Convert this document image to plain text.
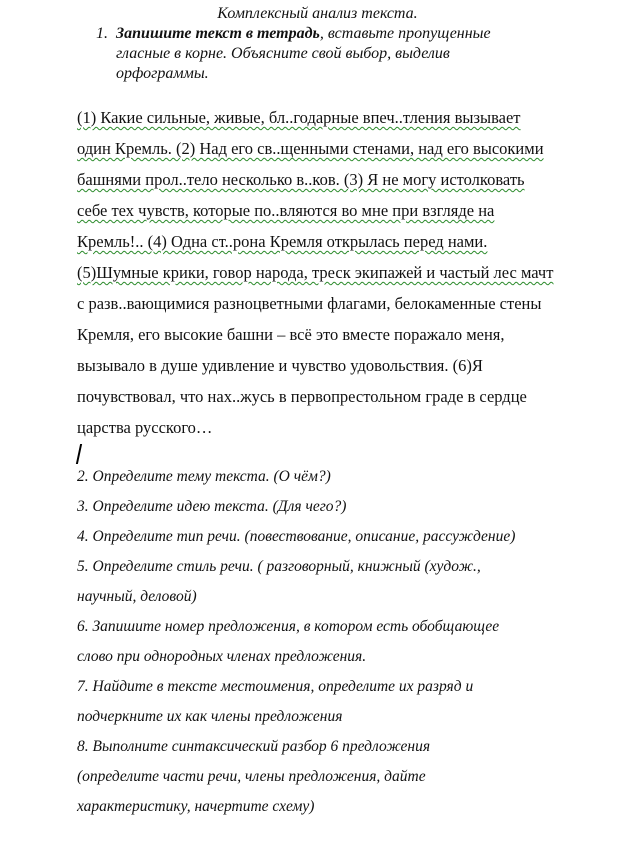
Комплексный анализ текста.
1. Запишите текст в тетрадь, вставьте пропущенные
гласные в корне. Объясните свой выбор, выделив
орфограммы.
(1) Какие сильные, живые, бл..годарные впеч..тления вызывает
один Кремль. (2) Над его св..щенными стенами, над его высокими
башнями прол..тело несколько в..ков. (3) Я не могу истолковать
себе тех чувств, которые по..вляются во мне при взгляде на
Кремль!.. (4) Одна ст..рона Кремля открылась перед нами.
(5)Шумные крики, говор народа, треск экипажей и частый лес мачт
с разв..вающимися разноцветными флагами, белокаменные стены
Кремля, его высокие башни – всё это вместе поражало меня,
вызывало в душе удивление и чувство удовольствия. (6)Я
почувствовал, что нах..жусь в первопрестольном граде в сердце
царства русского…
2. Определите тему текста. (О чём?)
3. Определите идею текста. (Для чего?)
4. Определите тип речи. (повествование, описание, рассуждение)
5. Определите стиль речи. ( разговорный, книжный (худож.,
научный, деловой)
6. Запишите номер предложения, в котором есть обобщающее
слово при однородных членах предложения.
7. Найдите в тексте местоимения, определите их разряд и
подчеркните их как члены предложения
8. Выполните синтаксический разбор 6 предложения
(определите части речи, члены предложения, дайте
характеристику, начертите схему)
